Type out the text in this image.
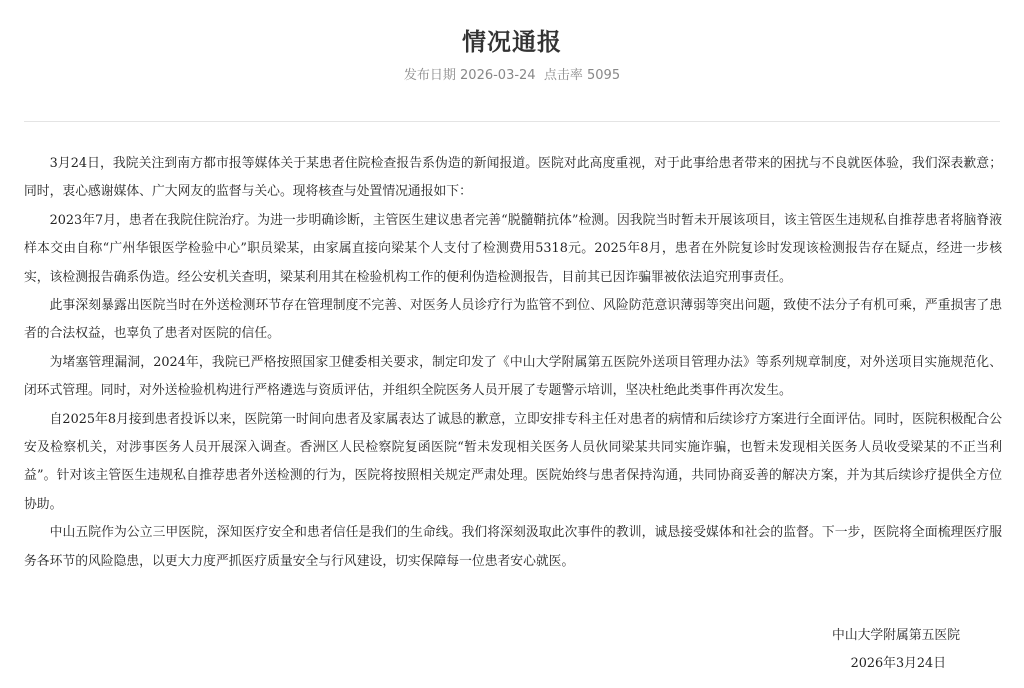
情况通报
发布日期 2026-03-24 点击率 5095

3月24日，我院关注到南方都市报等媒体关于某患者住院检查报告系伪造的新闻报道。医院对此高度重视，对于此事给患者带来的困扰与不良就医体验，我们深表歉意；同时，衷心感谢媒体、广大网友的监督与关心。现将核查与处置情况通报如下：

2023年7月，患者在我院住院治疗。为进一步明确诊断，主管医生建议患者完善“脱髓鞘抗体”检测。因我院当时暂未开展该项目，该主管医生违规私自推荐患者将脑脊液样本交由自称“广州华银医学检验中心”职员梁某，由家属直接向梁某个人支付了检测费用5318元。2025年8月，患者在外院复诊时发现该检测报告存在疑点，经进一步核实，该检测报告确系伪造。经公安机关查明，梁某利用其在检验机构工作的便利伪造检测报告，目前其已因诈骗罪被依法追究刑事责任。

此事深刻暴露出医院当时在外送检测环节存在管理制度不完善、对医务人员诊疗行为监管不到位、风险防范意识薄弱等突出问题，致使不法分子有机可乘，严重损害了患者的合法权益，也辜负了患者对医院的信任。

为堵塞管理漏洞，2024年，我院已严格按照国家卫健委相关要求，制定印发了《中山大学附属第五医院外送项目管理办法》等系列规章制度，对外送项目实施规范化、闭环式管理。同时，对外送检验机构进行严格遴选与资质评估，并组织全院医务人员开展了专题警示培训，坚决杜绝此类事件再次发生。

自2025年8月接到患者投诉以来，医院第一时间向患者及家属表达了诚恳的歉意，立即安排专科主任对患者的病情和后续诊疗方案进行全面评估。同时，医院积极配合公安及检察机关，对涉事医务人员开展深入调查。香洲区人民检察院复函医院“暂未发现相关医务人员伙同梁某共同实施诈骗，也暂未发现相关医务人员收受梁某的不正当利益”。针对该主管医生违规私自推荐患者外送检测的行为，医院将按照相关规定严肃处理。医院始终与患者保持沟通，共同协商妥善的解决方案，并为其后续诊疗提供全方位协助。

中山五院作为公立三甲医院，深知医疗安全和患者信任是我们的生命线。我们将深刻汲取此次事件的教训，诚恳接受媒体和社会的监督。下一步，医院将全面梳理医疗服务各环节的风险隐患，以更大力度严抓医疗质量安全与行风建设，切实保障每一位患者安心就医。

中山大学附属第五医院
2026年3月24日
